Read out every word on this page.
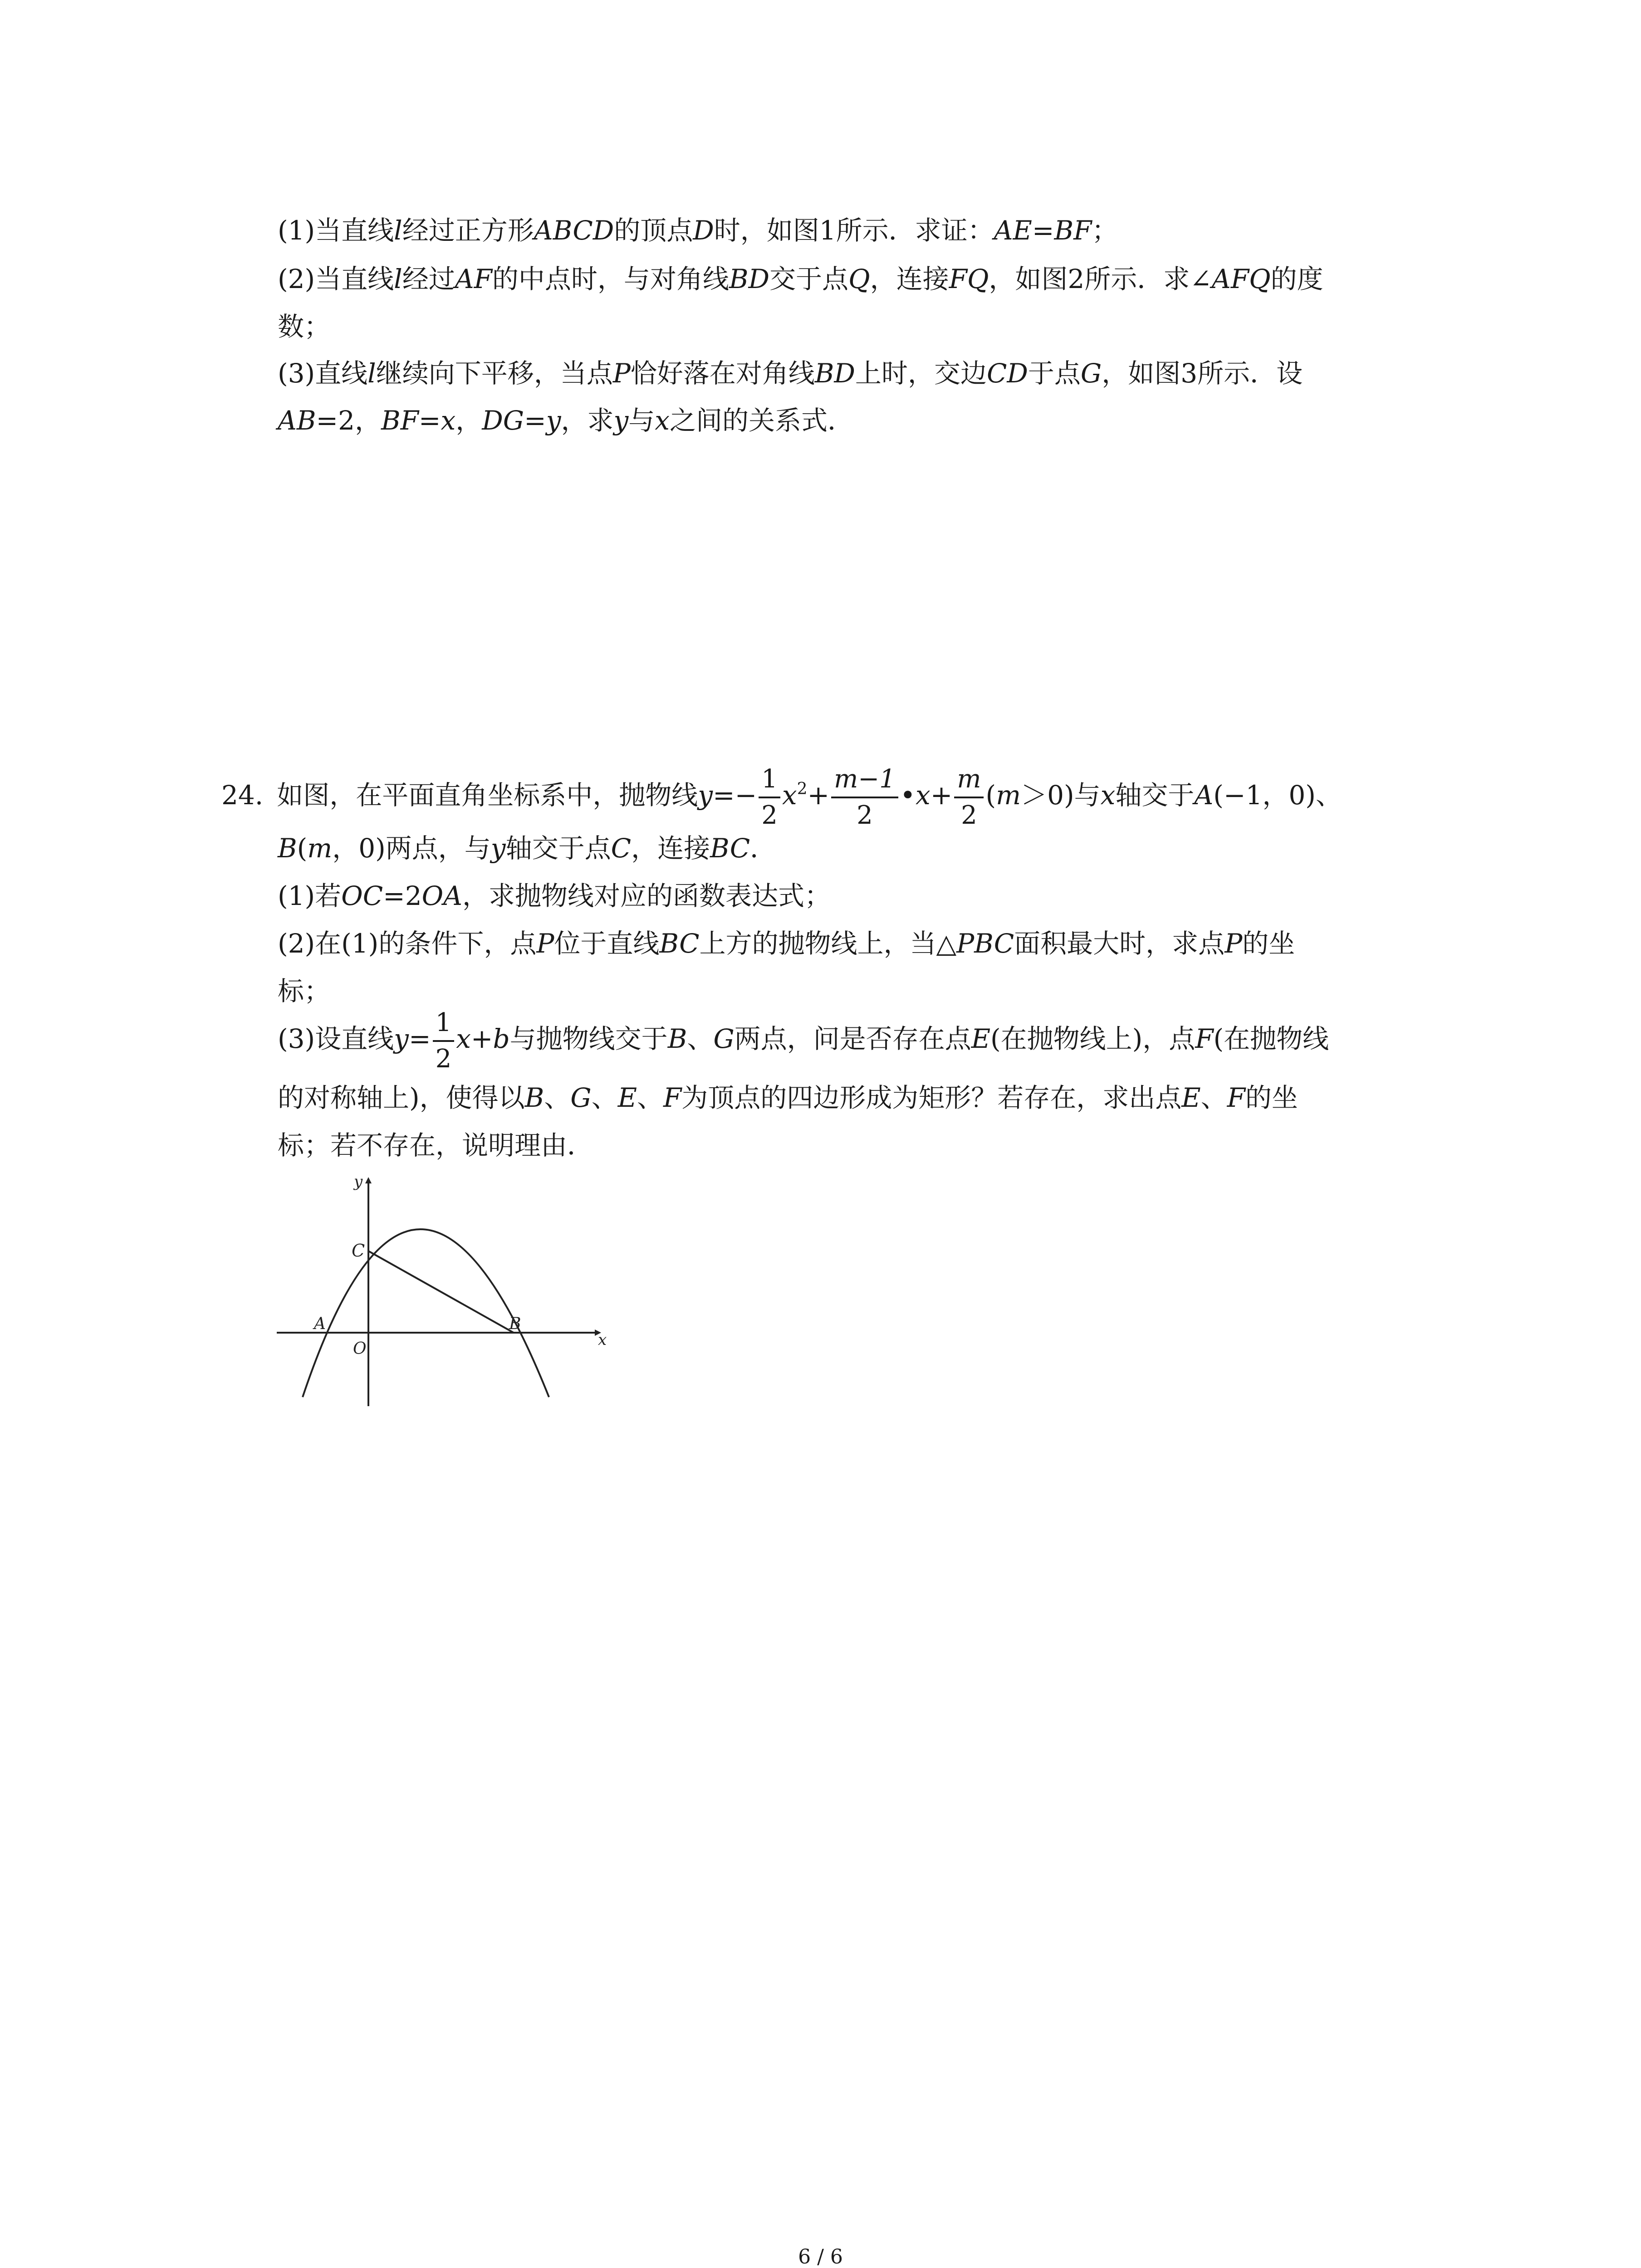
(1)当直线l经过正方形ABCD的顶点D时，如图1所示．求证：AE=BF；
(2)当直线l经过AF的中点时，与对角线BD交于点Q，连接FQ，如图2所示．求∠AFQ的度
数；
(3)直线l继续向下平移，当点P恰好落在对角线BD上时，交边CD于点G，如图3所示．设
AB=2，BF=x，DG=y，求y与x之间的关系式．
24. 如图，在平面直角坐标系中，抛物线$y=- \frac{1}{2} x^2+ \frac{m-1}{2}$ •x+ $\frac{m}{2} (m>0)$与x轴交于A(−1，0)、
B(m，0)两点，与y轴交于点C，连接BC．
(1)若OC=2OA，求抛物线对应的函数表达式；
(2)在(1)的条件下，点P位于直线BC上方的抛物线上，当△PBC面积最大时，求点P的坐
标；
(3)设直线$y= \frac{1}{2} x+b$与抛物线交于B、G两点，问是否存在点E(在抛物线上)，点F(在抛物线
的对称轴上)，使得以B、G、E、F为顶点的四边形成为矩形？若存在，求出点E、F的坐
标；若不存在，说明理由．
y
C
A
O
B
x
6 / 6
